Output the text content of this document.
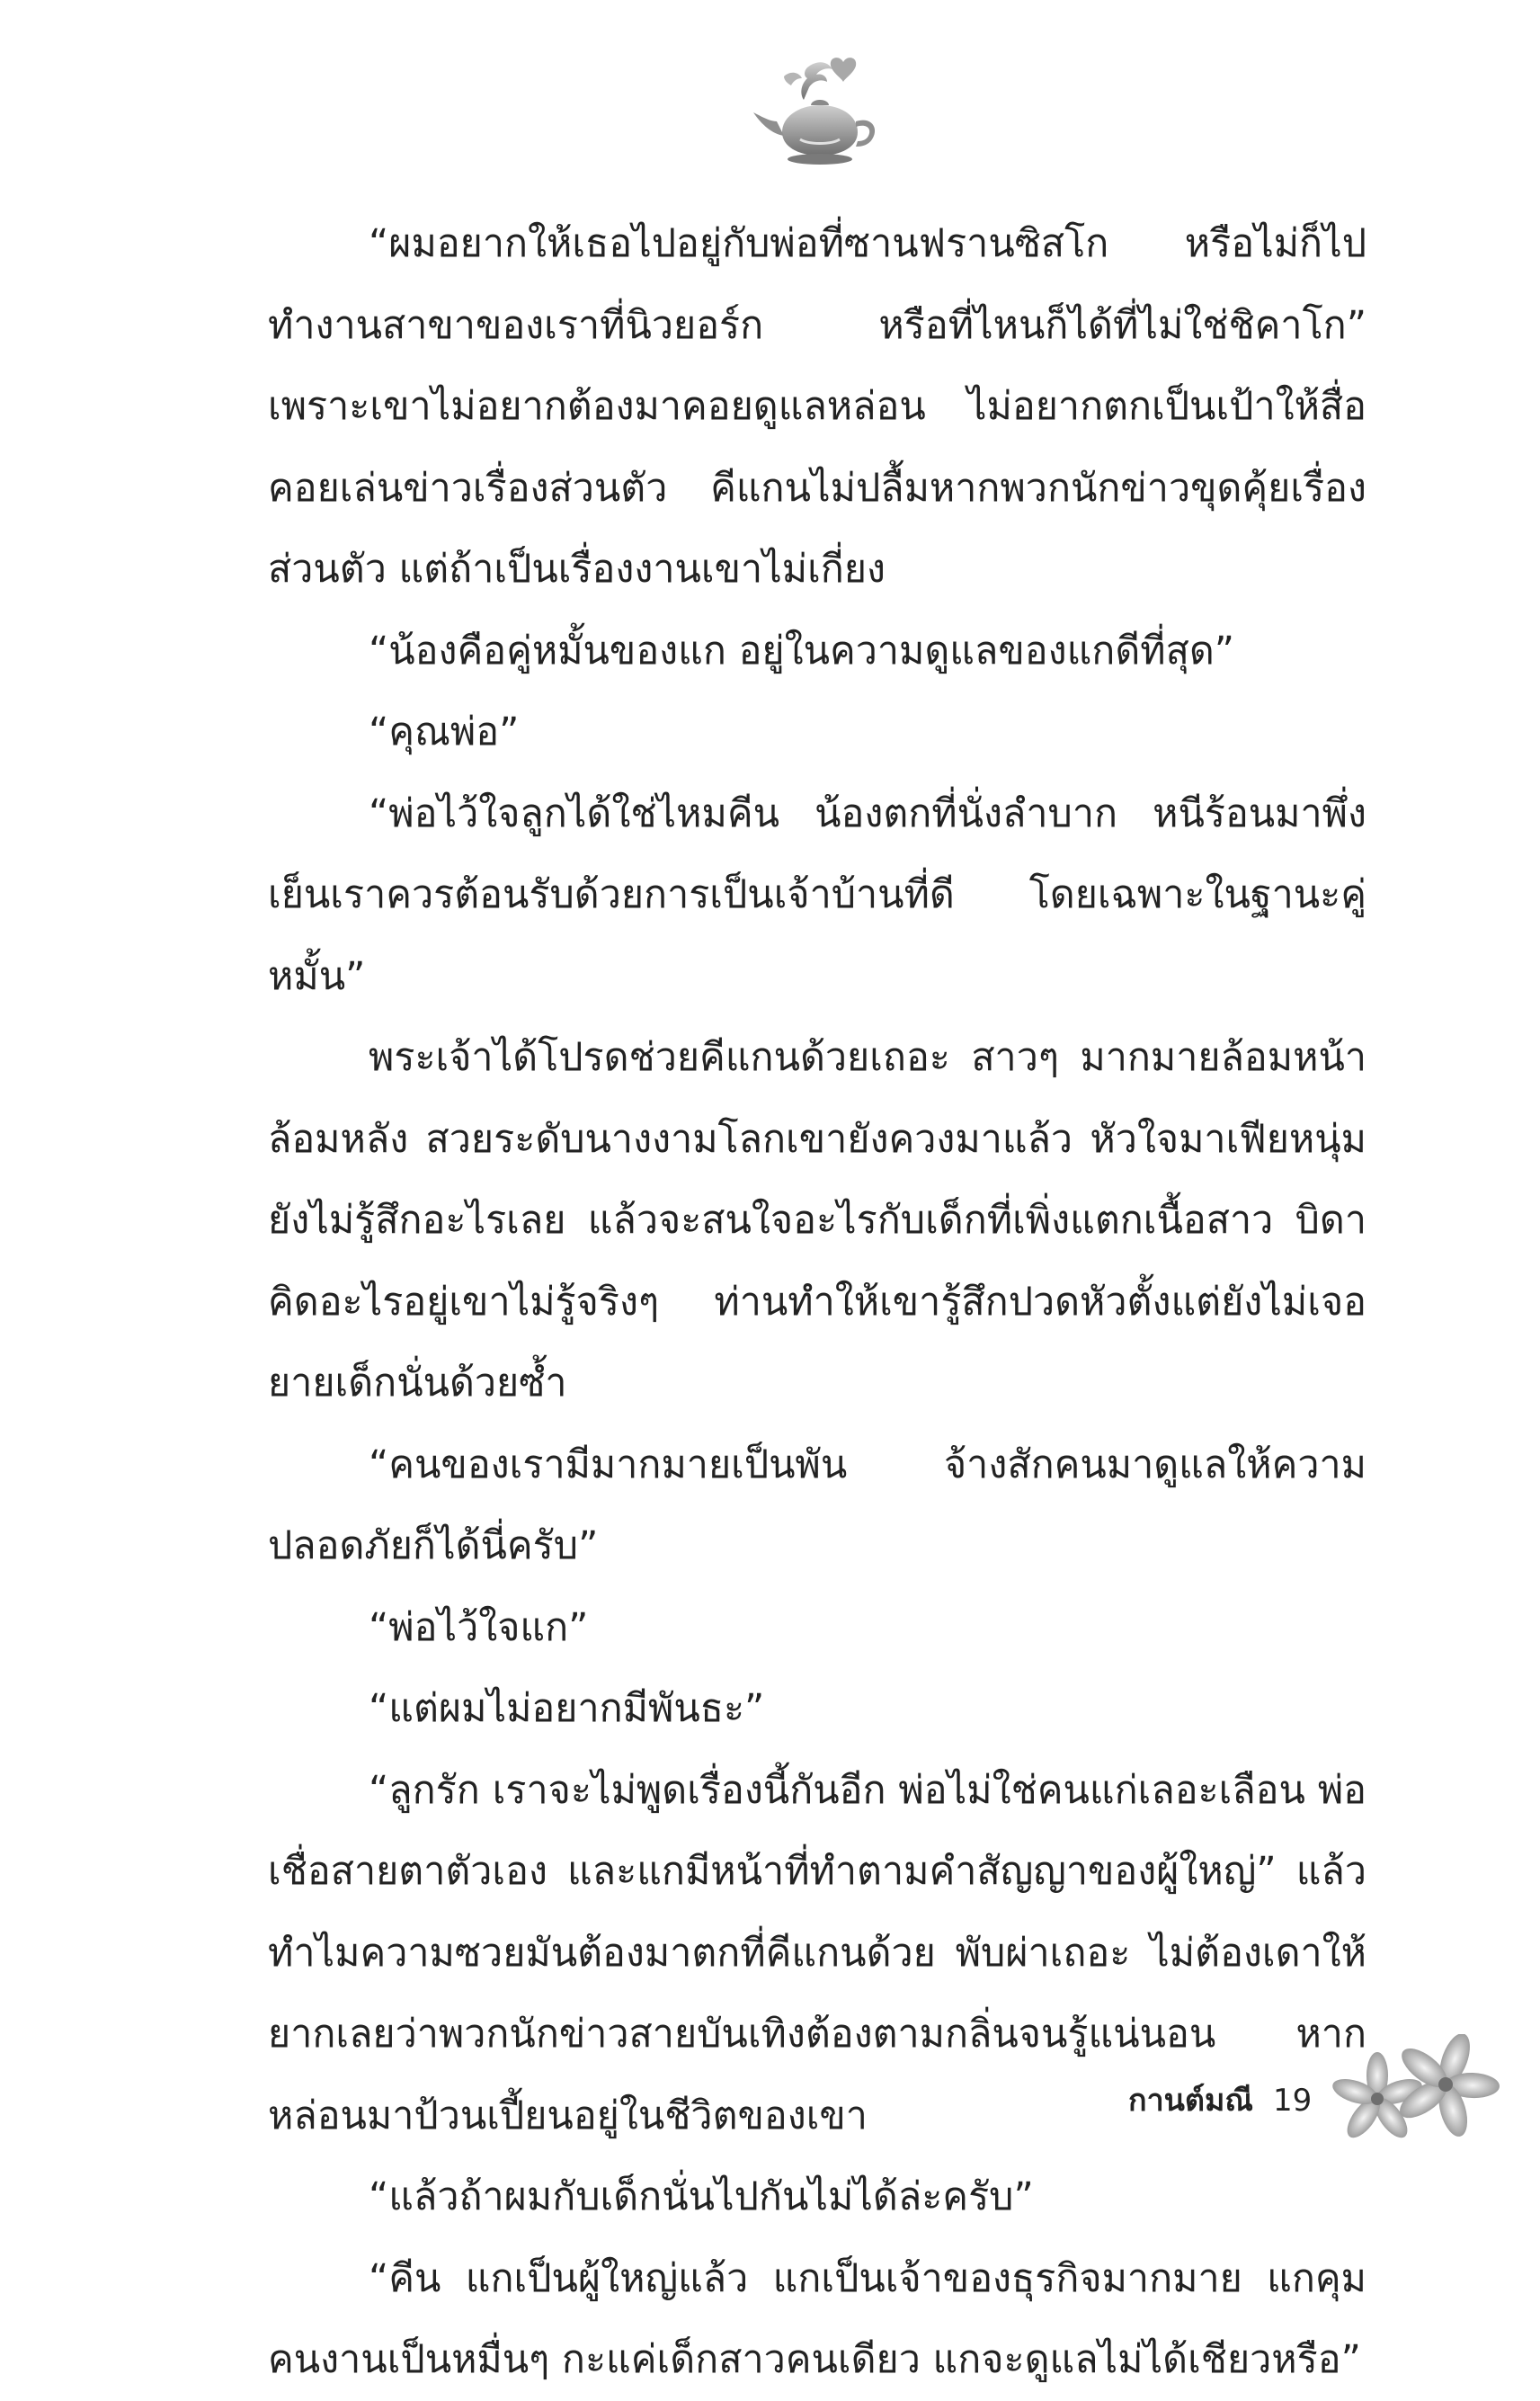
“ผมอยากให้เธอไปอยู่กับพ่อที่ซานฟรานซิสโก หรือไม่ก็ไปทำงานสาขาของเราที่นิวยอร์ก หรือที่ไหนก็ได้ที่ไม่ใช่ชิคาโก” เพราะเขาไม่อยากต้องมาคอยดูแลหล่อน ไม่อยากตกเป็นเป้าให้สื่อคอยเล่นข่าวเรื่องส่วนตัว คีแกนไม่ปลื้มหากพวกนักข่าวขุดคุ้ยเรื่องส่วนตัว แต่ถ้าเป็นเรื่องงานเขาไม่เกี่ยง

“น้องคือคู่หมั้นของแก อยู่ในความดูแลของแกดีที่สุด”

“คุณพ่อ”

“พ่อไว้ใจลูกได้ใช่ไหมคีน น้องตกที่นั่งลำบาก หนีร้อนมาพึ่งเย็นเราควรต้อนรับด้วยการเป็นเจ้าบ้านที่ดี โดยเฉพาะในฐานะคู่หมั้น”

พระเจ้าได้โปรดช่วยคีแกนด้วยเถอะ สาวๆ มากมายล้อมหน้าล้อมหลัง สวยระดับนางงามโลกเขายังควงมาแล้ว หัวใจมาเฟียหนุ่มยังไม่รู้สึกอะไรเลย แล้วจะสนใจอะไรกับเด็กที่เพิ่งแตกเนื้อสาว บิดาคิดอะไรอยู่เขาไม่รู้จริงๆ ท่านทำให้เขารู้สึกปวดหัวตั้งแต่ยังไม่เจอยายเด็กนั่นด้วยซ้ำ

“คนของเรามีมากมายเป็นพัน จ้างสักคนมาดูแลให้ความปลอดภัยก็ได้นี่ครับ”

“พ่อไว้ใจแก”

“แต่ผมไม่อยากมีพันธะ”

“ลูกรัก เราจะไม่พูดเรื่องนี้กันอีก พ่อไม่ใช่คนแก่เลอะเลือน พ่อเชื่อสายตาตัวเอง และแกมีหน้าที่ทำตามคำสัญญาของผู้ใหญ่” แล้วทำไมความซวยมันต้องมาตกที่คีแกนด้วย พับผ่าเถอะ ไม่ต้องเดาให้ยากเลยว่าพวกนักข่าวสายบันเทิงต้องตามกลิ่นจนรู้แน่นอน หากหล่อนมาป้วนเปี้ยนอยู่ในชีวิตของเขา

“แล้วถ้าผมกับเด็กนั่นไปกันไม่ได้ล่ะครับ”

“คีน แกเป็นผู้ใหญ่แล้ว แกเป็นเจ้าของธุรกิจมากมาย แกคุมคนงานเป็นหมื่นๆ กะแค่เด็กสาวคนเดียว แกจะดูแลไม่ได้เชียวหรือ”

กานต์มณี 19
